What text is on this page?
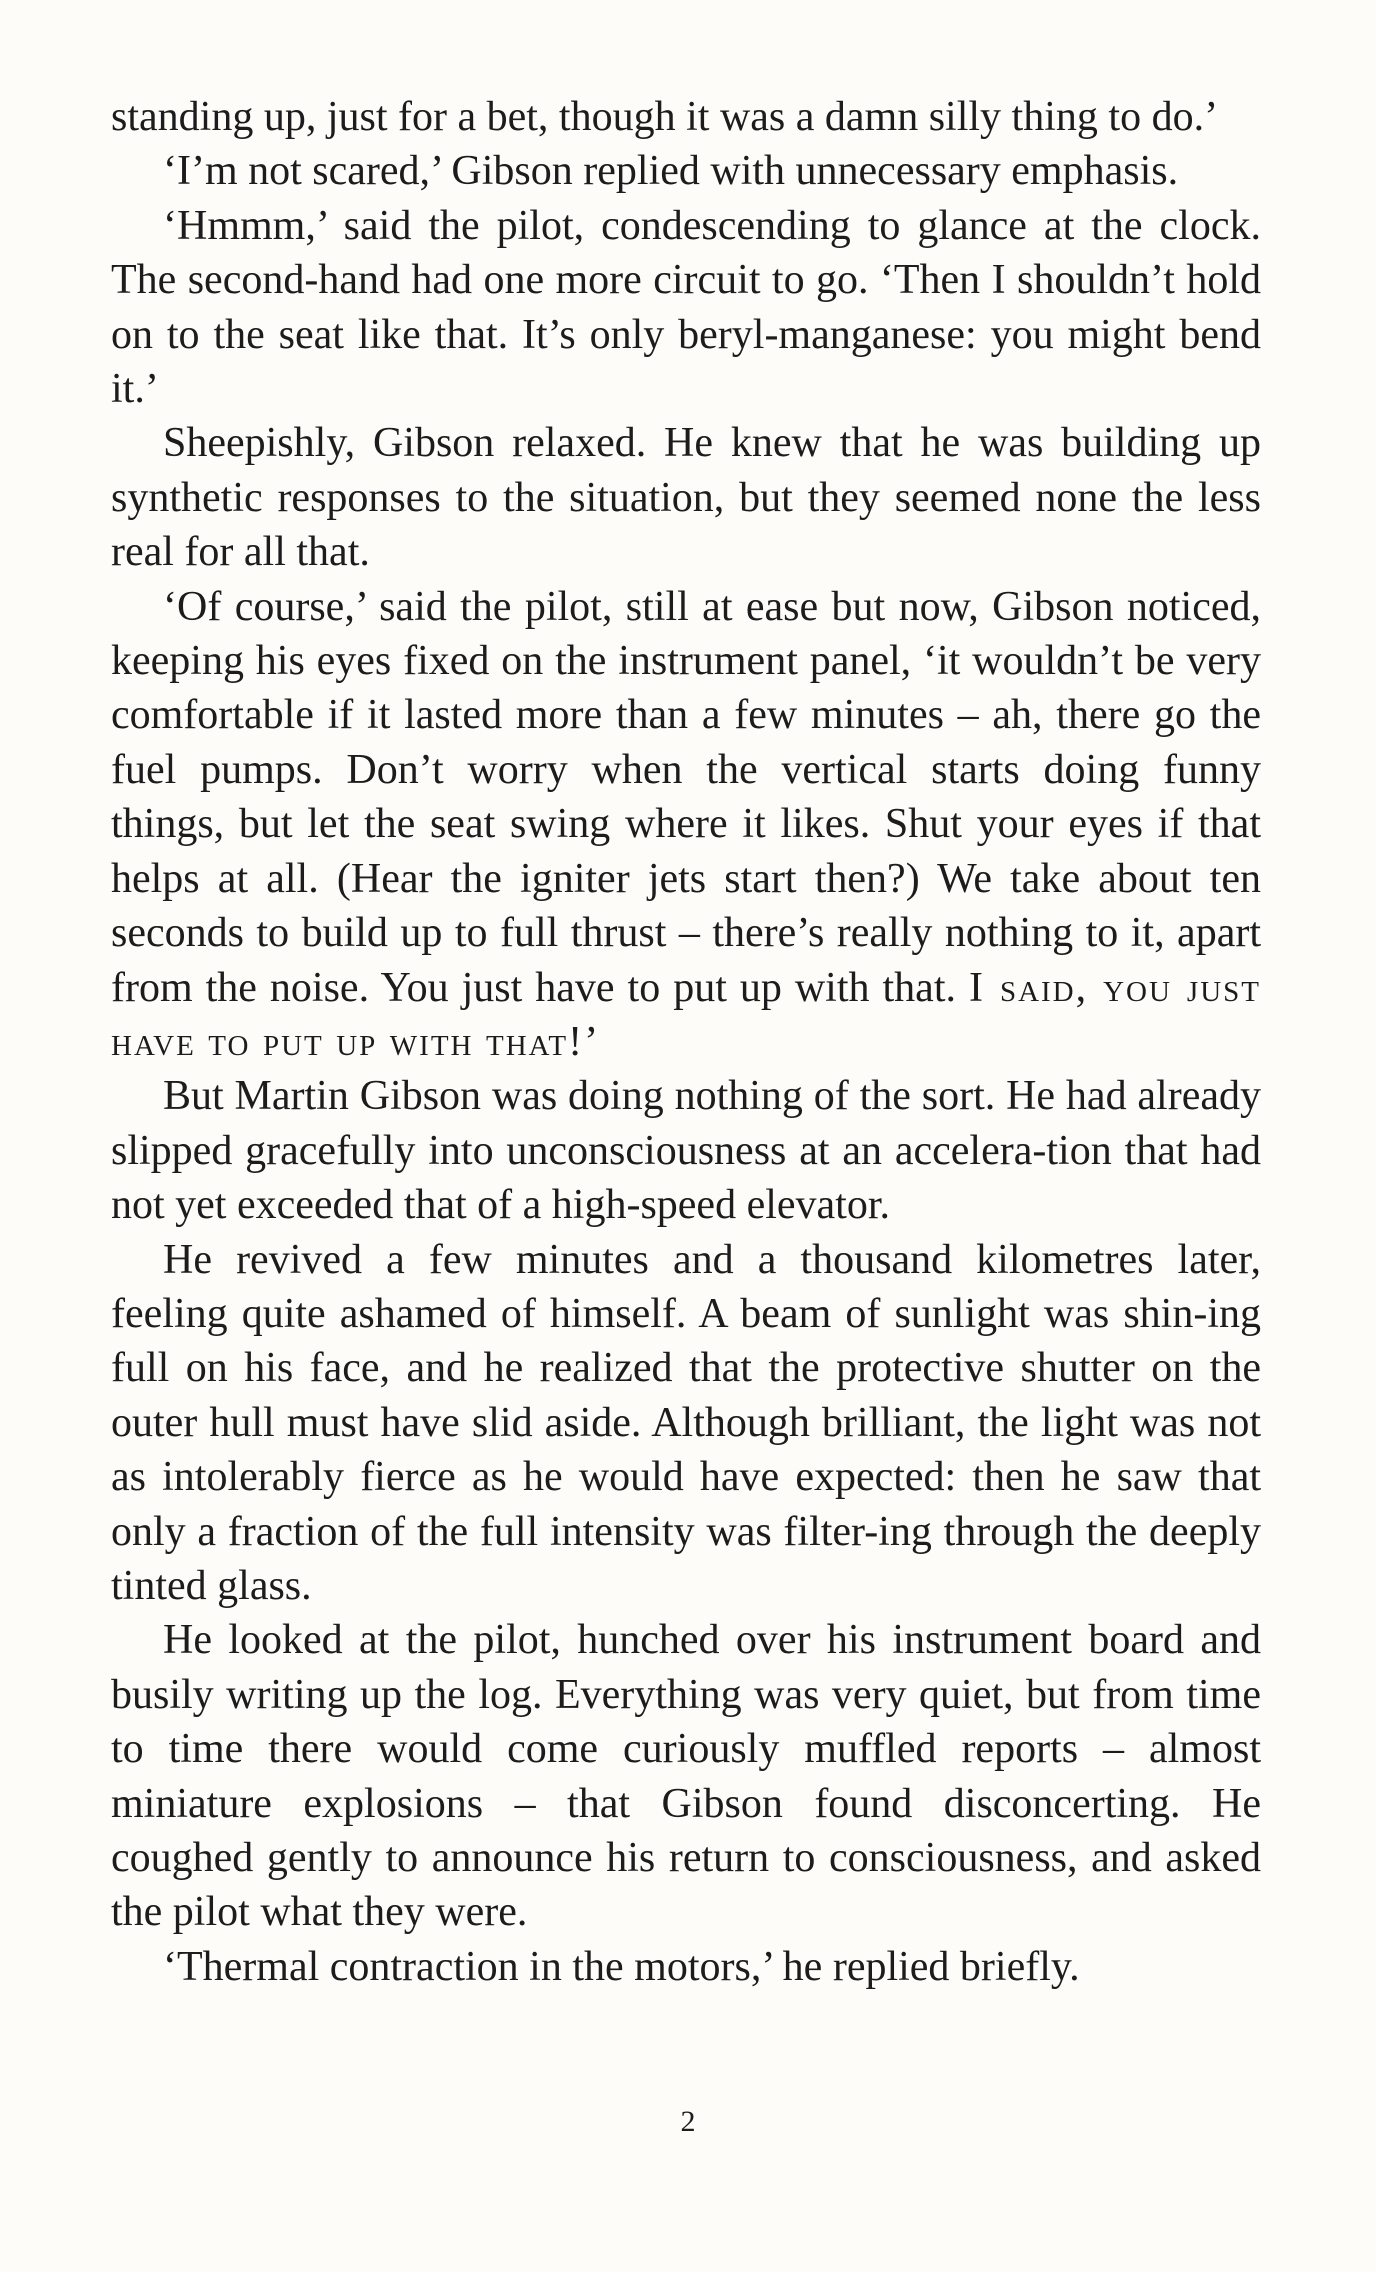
standing up, just for a bet, though it was a damn silly thing to do.’

‘I’m not scared,’ Gibson replied with unnecessary emphasis.

‘Hmmm,’ said the pilot, condescending to glance at the clock. The second-hand had one more circuit to go. ‘Then I shouldn’t hold on to the seat like that. It’s only beryl-manganese: you might bend it.’

Sheepishly, Gibson relaxed. He knew that he was building up synthetic responses to the situation, but they seemed none the less real for all that.

‘Of course,’ said the pilot, still at ease but now, Gibson noticed, keeping his eyes fixed on the instrument panel, ‘it wouldn’t be very comfortable if it lasted more than a few minutes – ah, there go the fuel pumps. Don’t worry when the vertical starts doing funny things, but let the seat swing where it likes. Shut your eyes if that helps at all. (Hear the igniter jets start then?) We take about ten seconds to build up to full thrust – there’s really nothing to it, apart from the noise. You just have to put up with that. I said, you just have to put up with that!’

But Martin Gibson was doing nothing of the sort. He had already slipped gracefully into unconsciousness at an accelera-tion that had not yet exceeded that of a high-speed elevator.

He revived a few minutes and a thousand kilometres later, feeling quite ashamed of himself. A beam of sunlight was shin-ing full on his face, and he realized that the protective shutter on the outer hull must have slid aside. Although brilliant, the light was not as intolerably fierce as he would have expected: then he saw that only a fraction of the full intensity was filter-ing through the deeply tinted glass.

He looked at the pilot, hunched over his instrument board and busily writing up the log. Everything was very quiet, but from time to time there would come curiously muffled reports – almost miniature explosions – that Gibson found disconcerting. He coughed gently to announce his return to consciousness, and asked the pilot what they were.

‘Thermal contraction in the motors,’ he replied briefly.

2
